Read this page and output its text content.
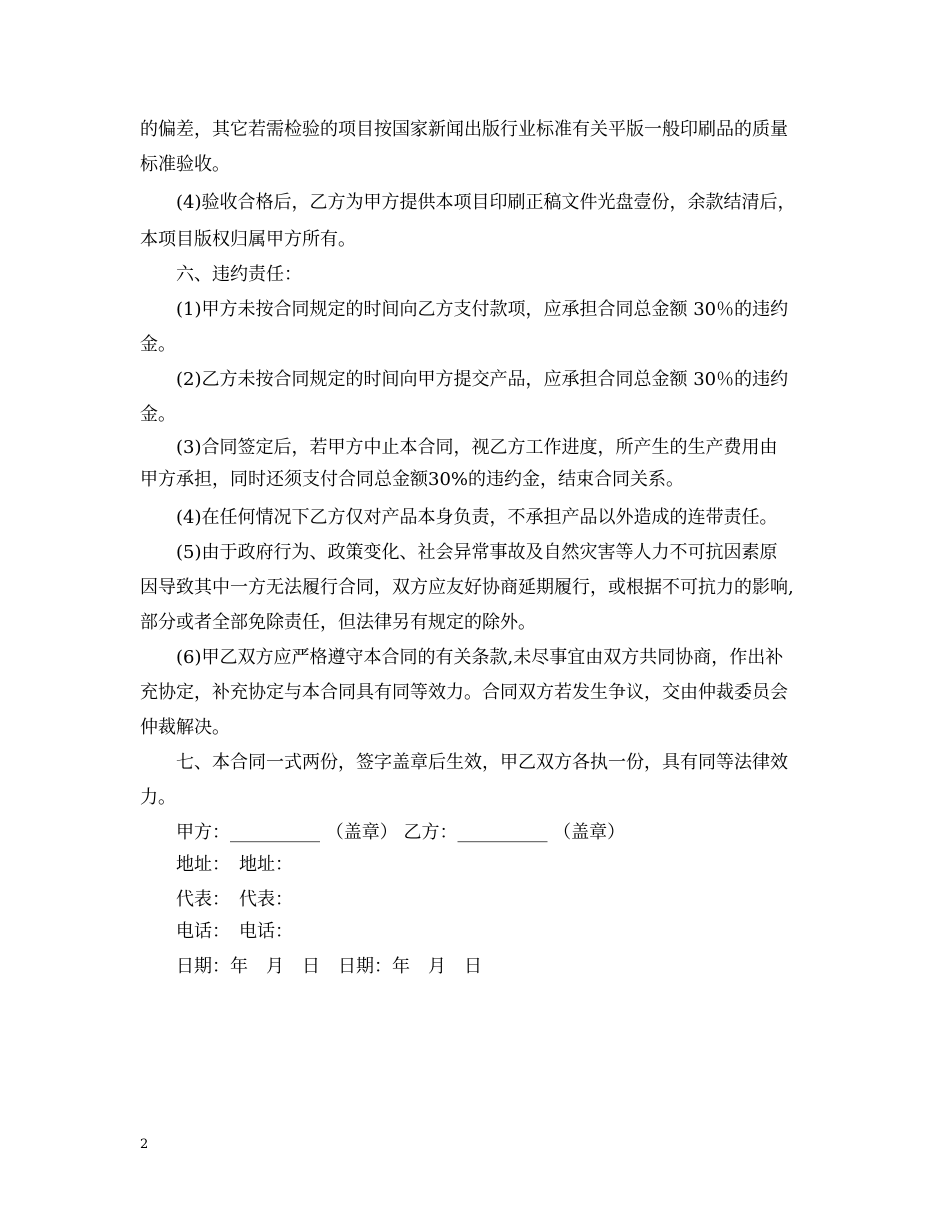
的偏差，其它若需检验的项目按国家新闻出版行业标准有关平版一般印刷品的质量
标准验收。
(4)验收合格后，乙方为甲方提供本项目印刷正稿文件光盘壹份，余款结清后，
本项目版权归属甲方所有。
六、违约责任：
(1)甲方未按合同规定的时间向乙方支付款项，应承担合同总金额 30％的违约
金。
(2)乙方未按合同规定的时间向甲方提交产品，应承担合同总金额 30％的违约
金。
(3)合同签定后，若甲方中止本合同，视乙方工作进度，所产生的生产费用由
甲方承担，同时还须支付合同总金额30%的违约金，结束合同关系。
(4)在任何情况下乙方仅对产品本身负责，不承担产品以外造成的连带责任。
(5)由于政府行为、政策变化、社会异常事故及自然灾害等人力不可抗因素原
因导致其中一方无法履行合同，双方应友好协商延期履行，或根据不可抗力的影响,
部分或者全部免除责任，但法律另有规定的除外。
(6)甲乙双方应严格遵守本合同的有关条款,未尽事宜由双方共同协商，作出补
充协定，补充协定与本合同具有同等效力。合同双方若发生争议，交由仲裁委员会
仲裁解决。
七、本合同一式两份，签字盖章后生效，甲乙双方各执一份，具有同等法律效
力。
甲方：__________ （盖章） 乙方：__________ （盖章）
地址：　地址：
代表：　代表：
电话：　电话：
日期：年　月　日　日期：年　月　日
2
